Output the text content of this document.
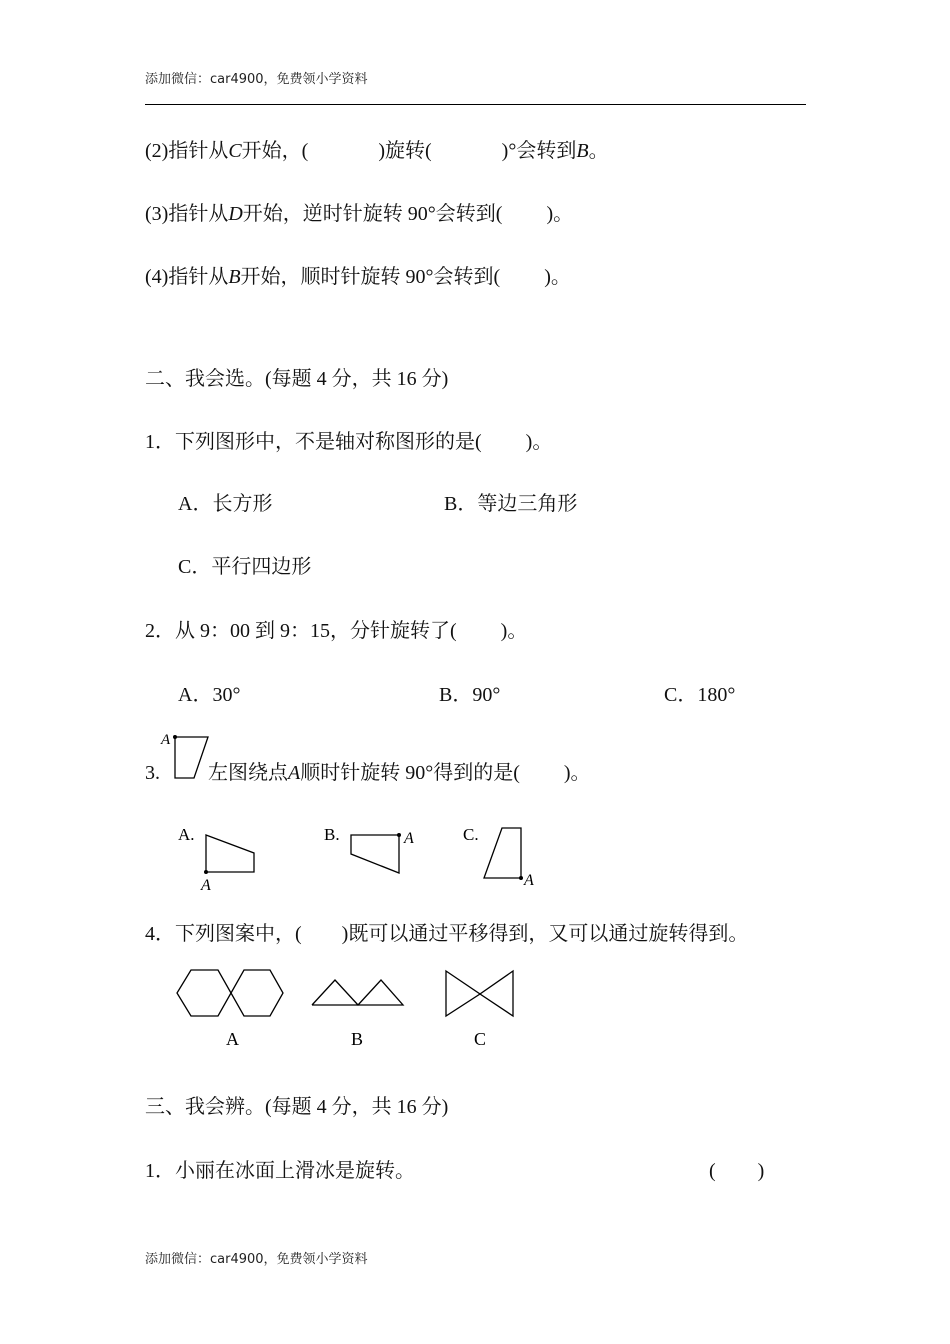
添加微信：car4900，免费领小学资料
(2)指针从C开始，(	)旋转(	)°会转到B。
(3)指针从D开始，逆时针旋转 90°会转到( )。
(4)指针从B开始，顺时针旋转 90°会转到( )。
二、我会选。(每题 4 分，共 16 分)
1．下列图形中，不是轴对称图形的是( )。
A．长方形	B．等边三角形
C．平行四边形
2．从 9：00 到 9：15，分针旋转了( )。
A．30°	B．90°	C．180°
A
A.
A
B.	A	C.
A
3. 左图绕点A顺时针旋转 90°得到的是( )。
4．下列图案中，( )既可以通过平移得到，又可以通过旋转得到。
A	B	C
三、我会辨。(每题 4 分，共 16 分)
1．小丽在冰面上滑冰是旋转。	( )
添加微信：car4900，免费领小学资料
